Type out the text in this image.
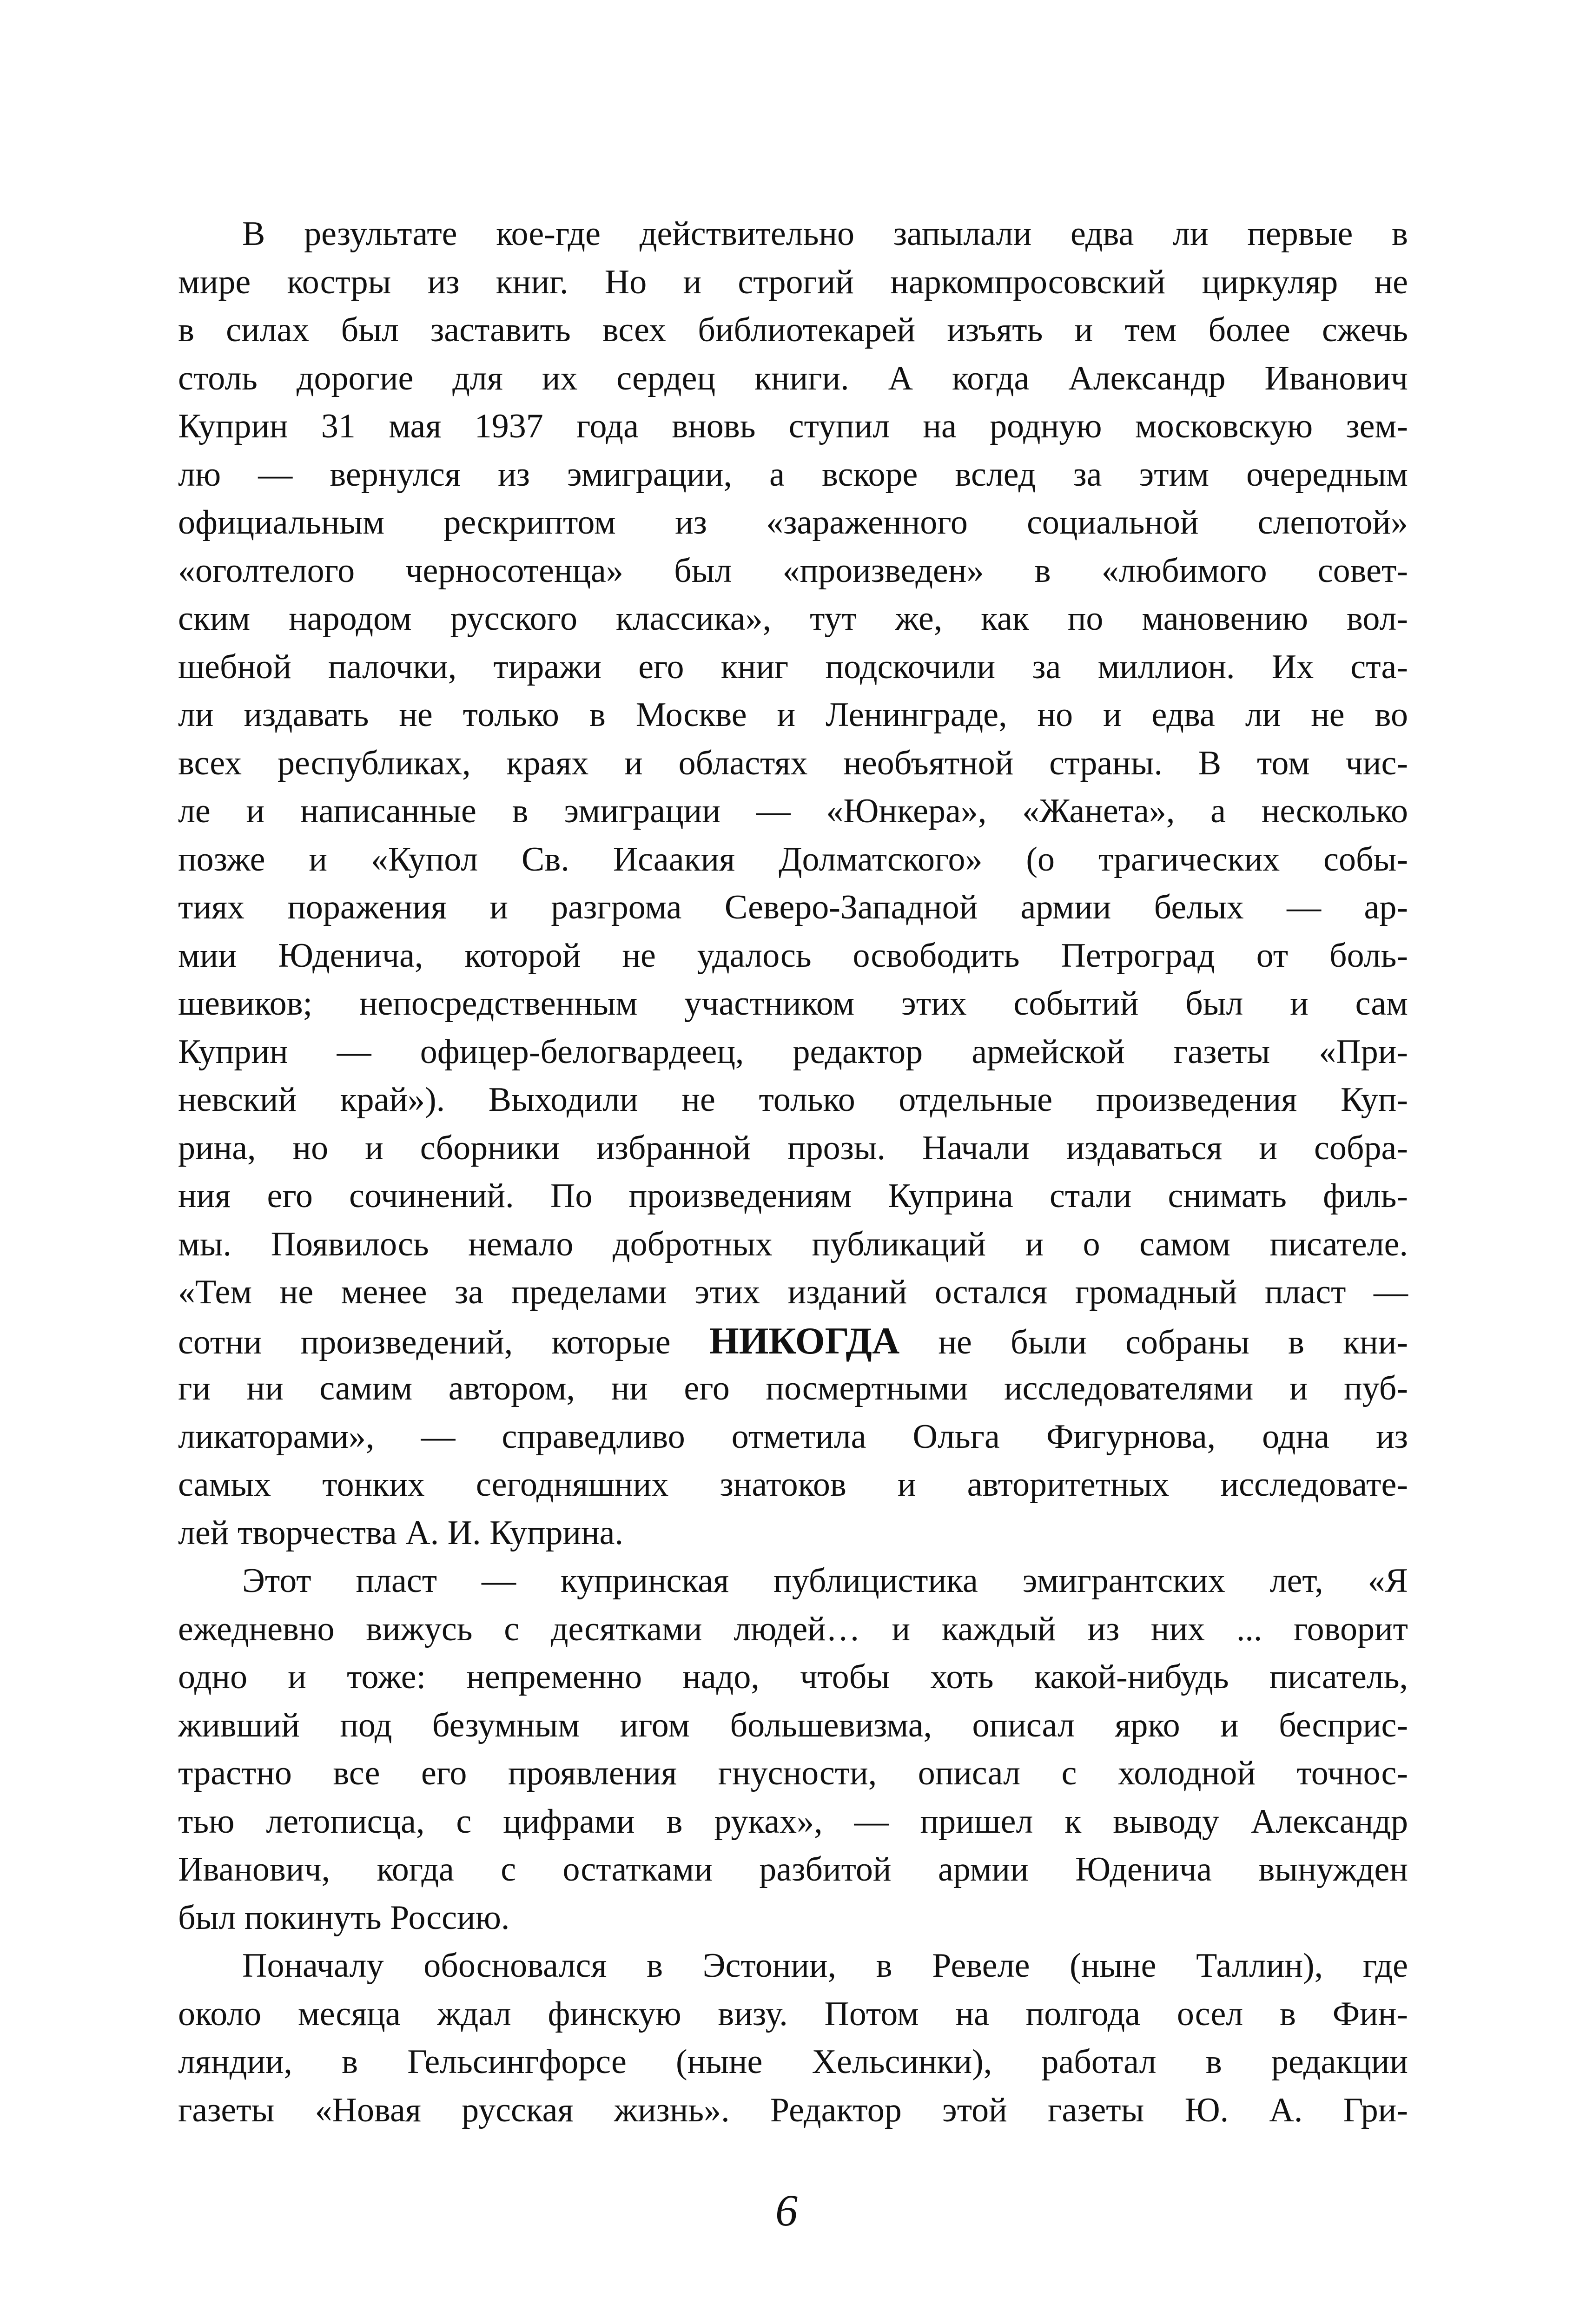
В результате кое-где действительно запылали едва ли первые в
мире костры из книг. Но и строгий наркомпросовский циркуляр не
в силах был заставить всех библиотекарей изъять и тем более сжечь
столь дорогие для их сердец книги. А когда Александр Иванович
Куприн 31 мая 1937 года вновь ступил на родную московскую зем-
лю — вернулся из эмиграции, а вскоре вслед за этим очередным
официальным рескриптом из «зараженного социальной слепотой»
«оголтелого черносотенца» был «произведен» в «любимого совет-
ским народом русского классика», тут же, как по мановению вол-
шебной палочки, тиражи его книг подскочили за миллион. Их ста-
ли издавать не только в Москве и Ленинграде, но и едва ли не во
всех республиках, краях и областях необъятной страны. В том чис-
ле и написанные в эмиграции — «Юнкера», «Жанета», а несколько
позже и «Купол Св. Исаакия Долматского» (о трагических собы-
тиях поражения и разгрома Северо-Западной армии белых — ар-
мии Юденича, которой не удалось освободить Петроград от боль-
шевиков; непосредственным участником этих событий был и сам
Куприн — офицер-белогвардеец, редактор армейской газеты «При-
невский край»). Выходили не только отдельные произведения Куп-
рина, но и сборники избранной прозы. Начали издаваться и собра-
ния его сочинений. По произведениям Куприна стали снимать филь-
мы. Появилось немало добротных публикаций и о самом писателе.
«Тем не менее за пределами этих изданий остался громадный пласт —
сотни произведений, которые НИКОГДА не были собраны в кни-
ги ни самим автором, ни его посмертными исследователями и пуб-
ликаторами», — справедливо отметила Ольга Фигурнова, одна из
самых тонких сегодняшних знатоков и авторитетных исследовате-
лей творчества А. И. Куприна.
Этот пласт — купринская публицистика эмигрантских лет, «Я
ежедневно вижусь с десятками людей… и каждый из них ... говорит
одно и тоже: непременно надо, чтобы хоть какой-нибудь писатель,
живший под безумным игом большевизма, описал ярко и бесприс-
трастно все его проявления гнусности, описал с холодной точнос-
тью летописца, с цифрами в руках», — пришел к выводу Александр
Иванович, когда с остатками разбитой армии Юденича вынужден
был покинуть Россию.
Поначалу обосновался в Эстонии, в Ревеле (ныне Таллин), где
около месяца ждал финскую визу. Потом на полгода осел в Фин-
ляндии, в Гельсингфорсе (ныне Хельсинки), работал в редакции
газеты «Новая русская жизнь». Редактор этой газеты Ю. А. Гри-
6
